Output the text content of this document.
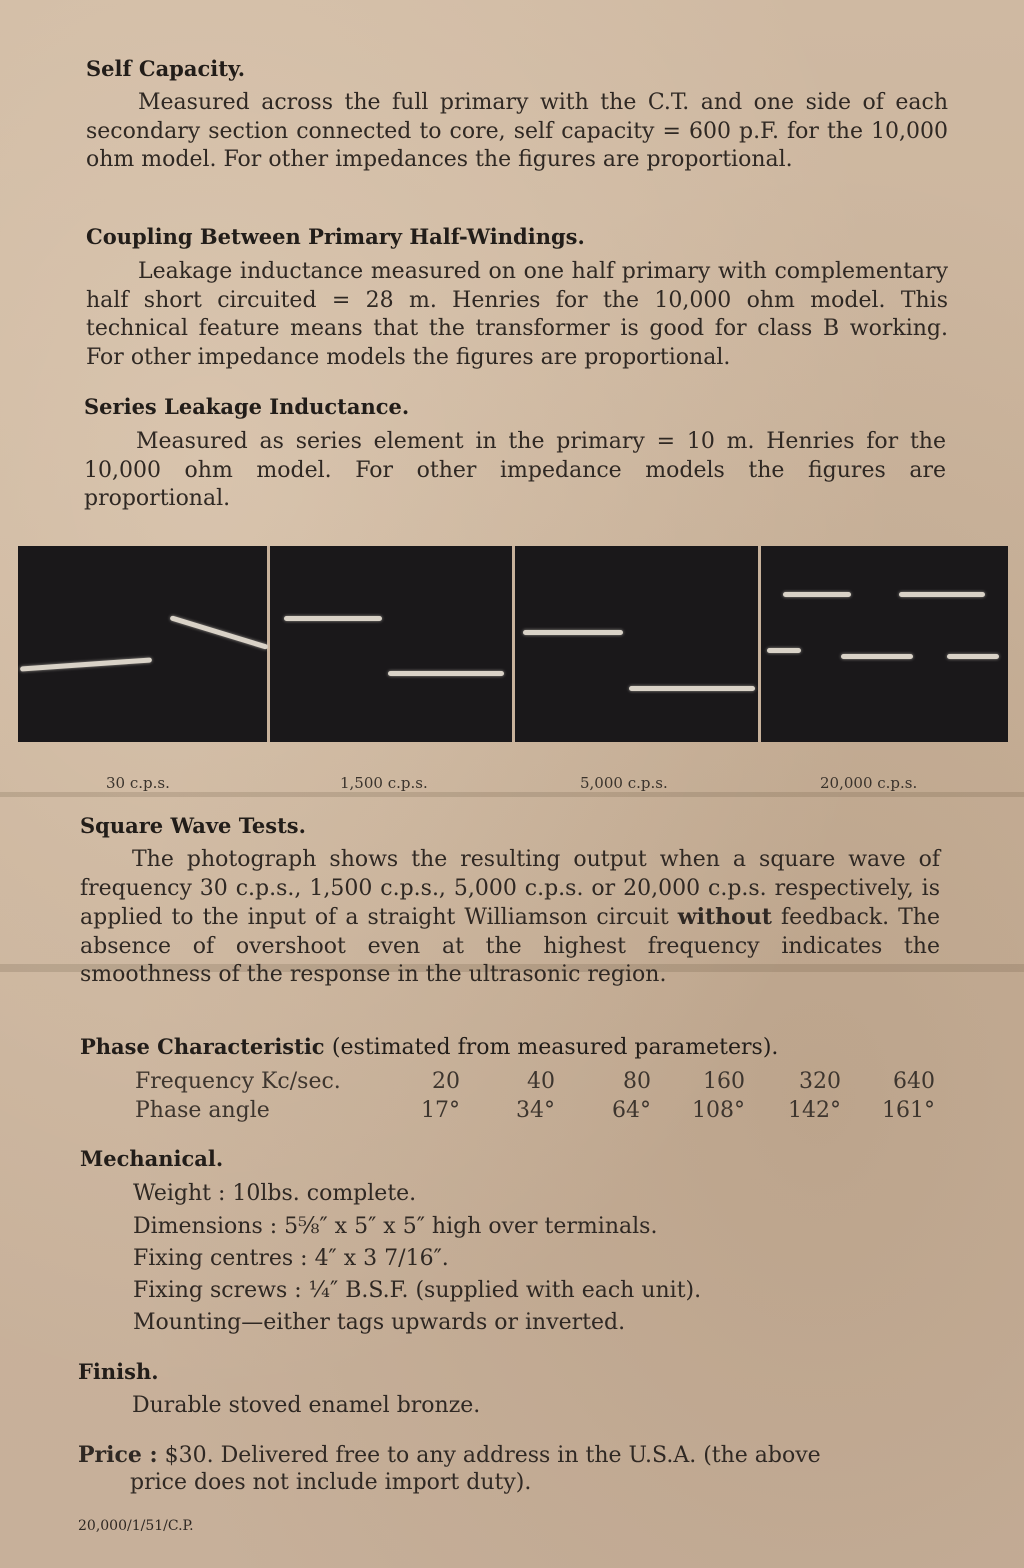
Self Capacity.
Measured across the full primary with the C.T. and one side of each secondary section connected to core, self capacity = 600 p.F. for the 10,000 ohm model. For other impedances the figures are proportional.
Coupling Between Primary Half-Windings.
Leakage inductance measured on one half primary with complementary half short circuited = 28 m. Henries for the 10,000 ohm model. This technical feature means that the transformer is good for class B working. For other impedance models the figures are proportional.
Series Leakage Inductance.
Measured as series element in the primary = 10 m. Henries for the 10,000 ohm model. For other impedance models the figures are proportional.
30 c.p.s.	1,500 c.p.s.	5,000 c.p.s.	20,000 c.p.s.
Square Wave Tests.
The photograph shows the resulting output when a square wave of frequency 30 c.p.s., 1,500 c.p.s., 5,000 c.p.s. or 20,000 c.p.s. respectively, is applied to the input of a straight Williamson circuit without feedback. The absence of overshoot even at the highest frequency indicates the smoothness of the response in the ultrasonic region.
Phase Characteristic (estimated from measured parameters).
Frequency Kc/sec.	20	40	80	160	320	640
Phase angle	17°	34°	64°	108°	142°	161°
Mechanical.
Weight : 10lbs. complete.
Dimensions : 5⅝″ x 5″ x 5″ high over terminals.
Fixing centres : 4″ x 3 7/16″.
Fixing screws : ¼″ B.S.F. (supplied with each unit).
Mounting—either tags upwards or inverted.
Finish.
Durable stoved enamel bronze.
Price : $30. Delivered free to any address in the U.S.A. (the above
price does not include import duty).
20,000/1/51/C.P.
